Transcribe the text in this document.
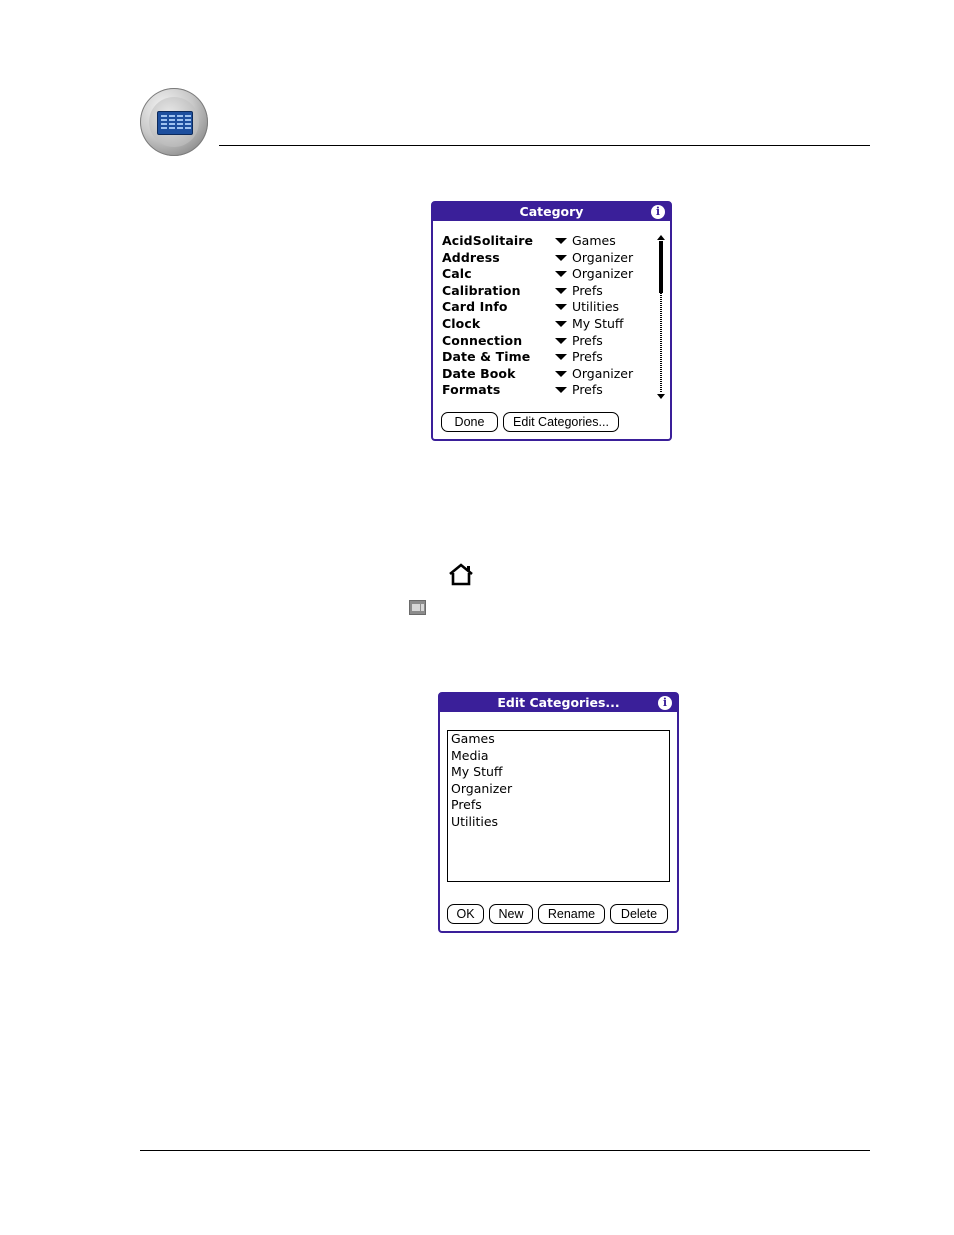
Category	i
AcidSolitaire	Games
Address	Organizer
Calc	Organizer
Calibration	Prefs
Card Info	Utilities
Clock	My Stuff
Connection	Prefs
Date & Time	Prefs
Date Book	Organizer
Formats	Prefs
Done	Edit Categories...
Edit Categories...	i
Games
Media
My Stuff
Organizer
Prefs
Utilities
OK	New	Rename	Delete
